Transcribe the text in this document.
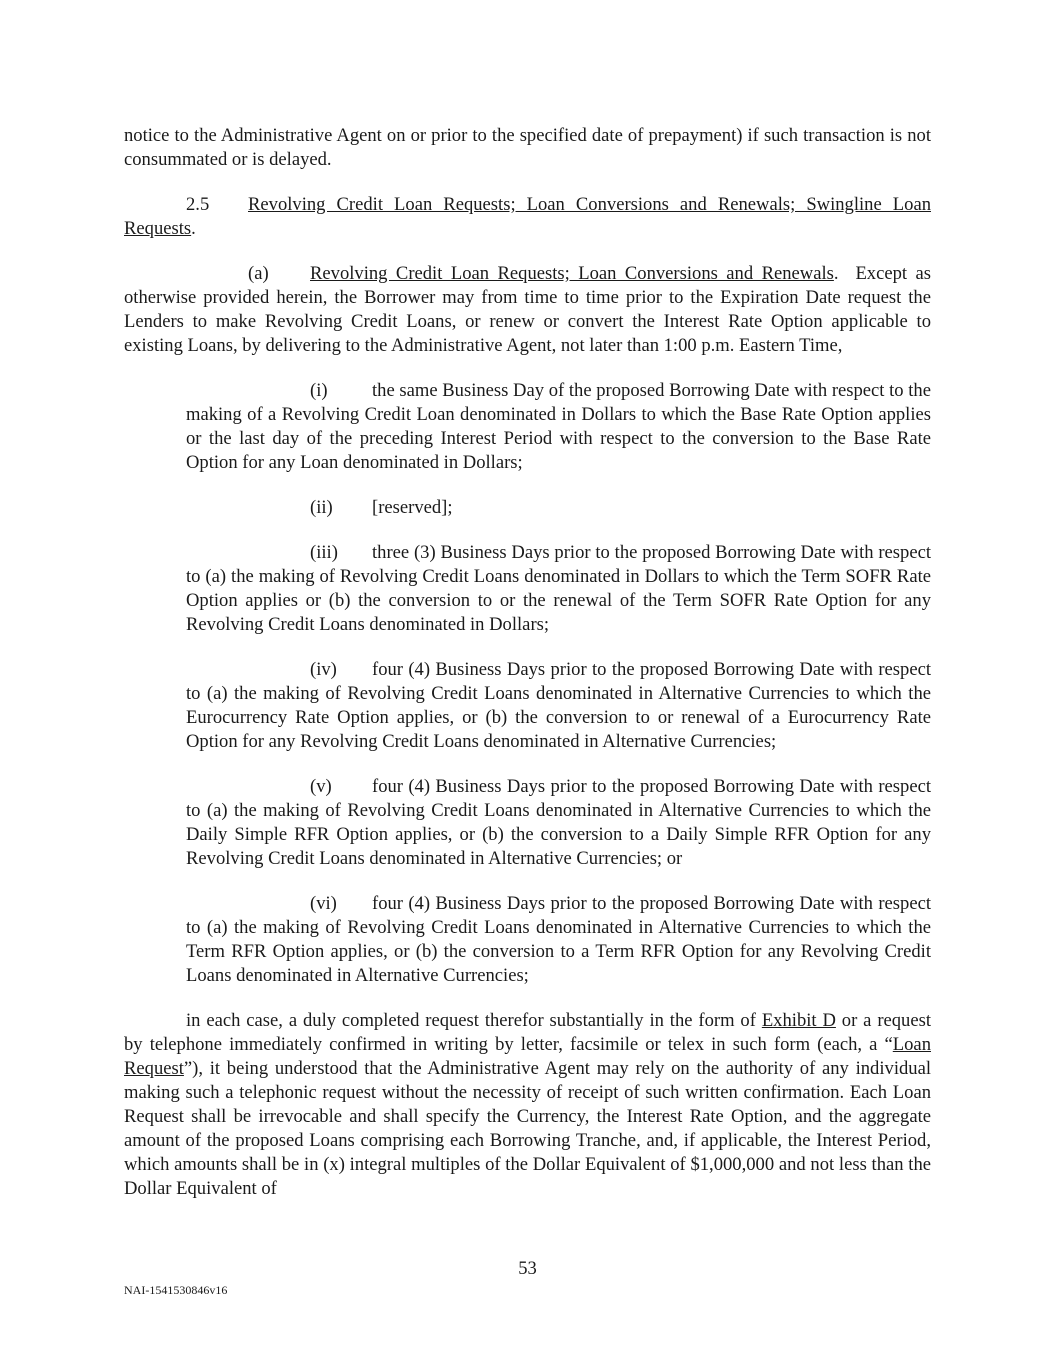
notice to the Administrative Agent on or prior to the specified date of prepayment) if such transaction is not consummated or is delayed.

2.5 Revolving Credit Loan Requests; Loan Conversions and Renewals; Swingline Loan Requests.

(a) Revolving Credit Loan Requests; Loan Conversions and Renewals.  Except as otherwise provided herein, the Borrower may from time to time prior to the Expiration Date request the Lenders to make Revolving Credit Loans, or renew or convert the Interest Rate Option applicable to existing Loans, by delivering to the Administrative Agent, not later than 1:00 p.m. Eastern Time,

(i) the same Business Day of the proposed Borrowing Date with respect to the making of a Revolving Credit Loan denominated in Dollars to which the Base Rate Option applies or the last day of the preceding Interest Period with respect to the conversion to the Base Rate Option for any Loan denominated in Dollars;

(ii) [reserved];

(iii) three (3) Business Days prior to the proposed Borrowing Date with respect to (a) the making of Revolving Credit Loans denominated in Dollars to which the Term SOFR Rate Option applies or (b) the conversion to or the renewal of the Term SOFR Rate Option for any Revolving Credit Loans denominated in Dollars;

(iv) four (4) Business Days prior to the proposed Borrowing Date with respect to (a) the making of Revolving Credit Loans denominated in Alternative Currencies to which the Eurocurrency Rate Option applies, or (b) the conversion to or renewal of a Eurocurrency Rate Option for any Revolving Credit Loans denominated in Alternative Currencies;

(v) four (4) Business Days prior to the proposed Borrowing Date with respect to (a) the making of Revolving Credit Loans denominated in Alternative Currencies to which the Daily Simple RFR Option applies, or (b) the conversion to a Daily Simple RFR Option for any Revolving Credit Loans denominated in Alternative Currencies; or

(vi) four (4) Business Days prior to the proposed Borrowing Date with respect to (a) the making of Revolving Credit Loans denominated in Alternative Currencies to which the Term RFR Option applies, or (b) the conversion to a Term RFR Option for any Revolving Credit Loans denominated in Alternative Currencies;

in each case, a duly completed request therefor substantially in the form of Exhibit D or a request by telephone immediately confirmed in writing by letter, facsimile or telex in such form (each, a “Loan Request”), it being understood that the Administrative Agent may rely on the authority of any individual making such a telephonic request without the necessity of receipt of such written confirmation. Each Loan Request shall be irrevocable and shall specify the Currency, the Interest Rate Option, and the aggregate amount of the proposed Loans comprising each Borrowing Tranche, and, if applicable, the Interest Period, which amounts shall be in (x) integral multiples of the Dollar Equivalent of $1,000,000 and not less than the Dollar Equivalent of

53
NAI-1541530846v16
